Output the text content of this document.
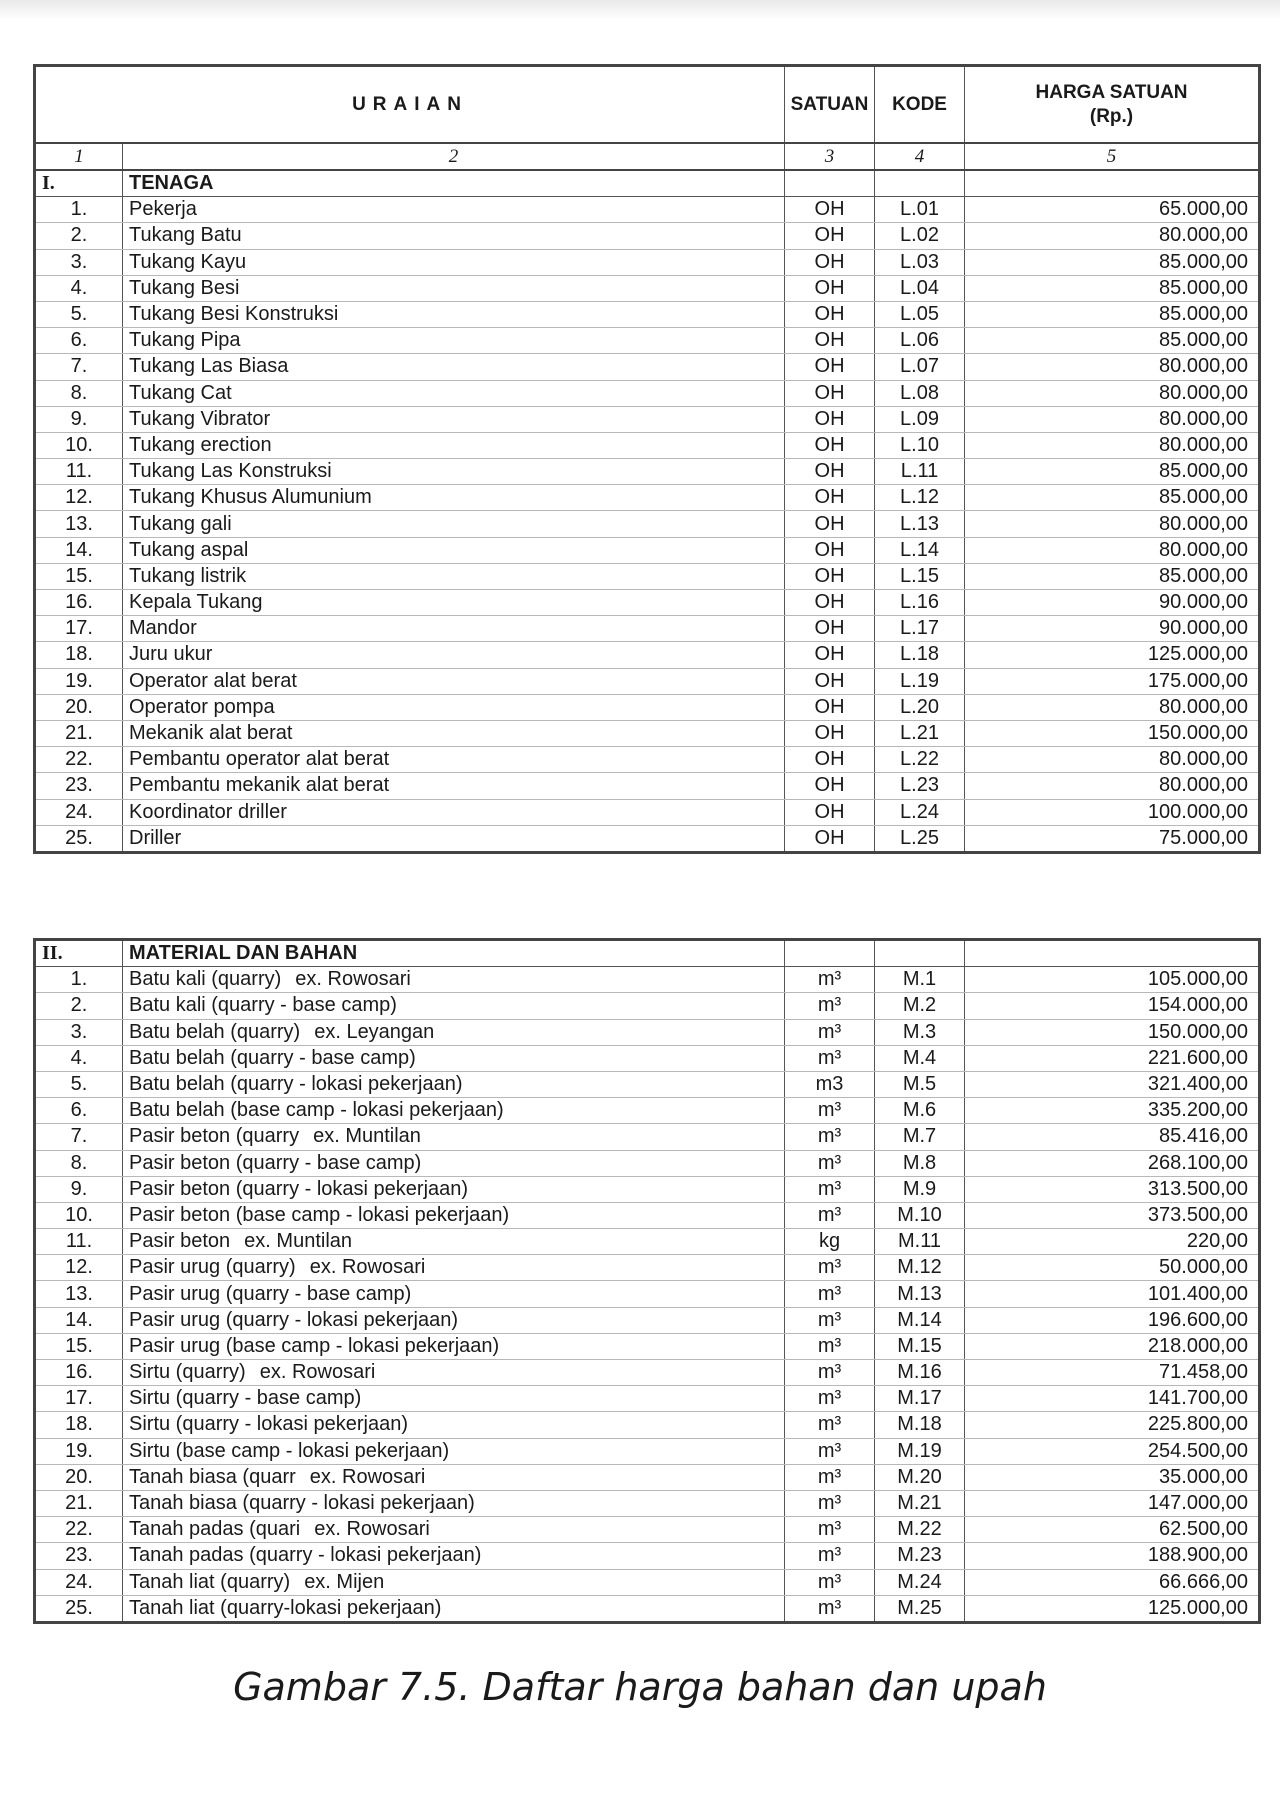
URAIAN		SATUAN	KODE	HARGA SATUAN
(Rp.)
1	2	3	4	5
I.	TENAGA			
1.	Pekerja	OH	L.01	65.000,00
2.	Tukang Batu	OH	L.02	80.000,00
3.	Tukang Kayu	OH	L.03	85.000,00
4.	Tukang Besi	OH	L.04	85.000,00
5.	Tukang Besi Konstruksi	OH	L.05	85.000,00
6.	Tukang Pipa	OH	L.06	85.000,00
7.	Tukang Las Biasa	OH	L.07	80.000,00
8.	Tukang Cat	OH	L.08	80.000,00
9.	Tukang Vibrator	OH	L.09	80.000,00
10.	Tukang erection	OH	L.10	80.000,00
11.	Tukang Las Konstruksi	OH	L.11	85.000,00
12.	Tukang Khusus Alumunium	OH	L.12	85.000,00
13.	Tukang gali	OH	L.13	80.000,00
14.	Tukang aspal	OH	L.14	80.000,00
15.	Tukang listrik	OH	L.15	85.000,00
16.	Kepala Tukang	OH	L.16	90.000,00
17.	Mandor	OH	L.17	90.000,00
18.	Juru ukur	OH	L.18	125.000,00
19.	Operator alat berat	OH	L.19	175.000,00
20.	Operator pompa	OH	L.20	80.000,00
21.	Mekanik alat berat	OH	L.21	150.000,00
22.	Pembantu operator alat berat	OH	L.22	80.000,00
23.	Pembantu mekanik alat berat	OH	L.23	80.000,00
24.	Koordinator driller	OH	L.24	100.000,00
25.	Driller	OH	L.25	75.000,00
II.	MATERIAL DAN BAHAN			
1.	Batu kali (quarry) ex. Rowosari	m³	M.1	105.000,00
2.	Batu kali (quarry - base camp)	m³	M.2	154.000,00
3.	Batu belah (quarry) ex. Leyangan	m³	M.3	150.000,00
4.	Batu belah (quarry - base camp)	m³	M.4	221.600,00
5.	Batu belah (quarry - lokasi pekerjaan)	m3	M.5	321.400,00
6.	Batu belah (base camp - lokasi pekerjaan)	m³	M.6	335.200,00
7.	Pasir beton (quarry ex. Muntilan	m³	M.7	85.416,00
8.	Pasir beton (quarry - base camp)	m³	M.8	268.100,00
9.	Pasir beton (quarry - lokasi pekerjaan)	m³	M.9	313.500,00
10.	Pasir beton (base camp - lokasi pekerjaan)	m³	M.10	373.500,00
11.	Pasir beton ex. Muntilan	kg	M.11	220,00
12.	Pasir urug (quarry) ex. Rowosari	m³	M.12	50.000,00
13.	Pasir urug (quarry - base camp)	m³	M.13	101.400,00
14.	Pasir urug (quarry - lokasi pekerjaan)	m³	M.14	196.600,00
15.	Pasir urug (base camp - lokasi pekerjaan)	m³	M.15	218.000,00
16.	Sirtu (quarry) ex. Rowosari	m³	M.16	71.458,00
17.	Sirtu (quarry - base camp)	m³	M.17	141.700,00
18.	Sirtu (quarry - lokasi pekerjaan)	m³	M.18	225.800,00
19.	Sirtu (base camp - lokasi pekerjaan)	m³	M.19	254.500,00
20.	Tanah biasa (quarr ex. Rowosari	m³	M.20	35.000,00
21.	Tanah biasa (quarry - lokasi pekerjaan)	m³	M.21	147.000,00
22.	Tanah padas (quari ex. Rowosari	m³	M.22	62.500,00
23.	Tanah padas (quarry - lokasi pekerjaan)	m³	M.23	188.900,00
24.	Tanah liat (quarry) ex. Mijen	m³	M.24	66.666,00
25.	Tanah liat (quarry-lokasi pekerjaan)	m³	M.25	125.000,00
Gambar 7.5. Daftar harga bahan dan upah
